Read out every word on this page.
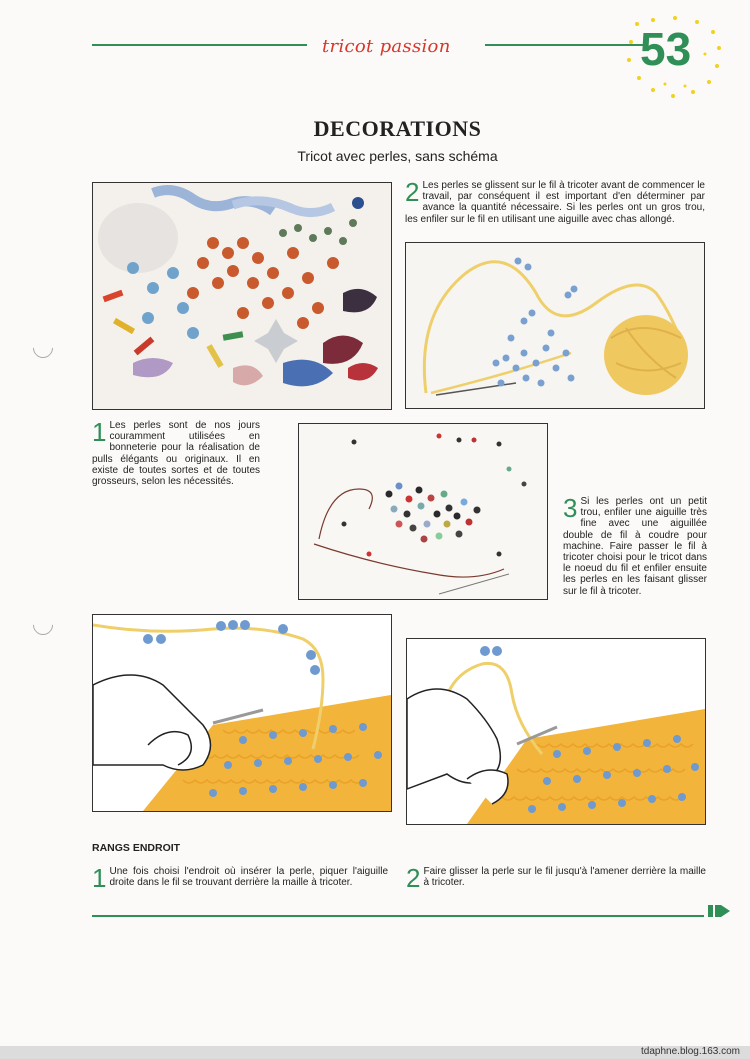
tricot passion	53
DECORATIONS
Tricot avec perles, sans schéma
2 Les perles se glissent sur le fil à tricoter avant de commencer le travail, par conséquent il est important d'en déterminer par avance la quantité nécessaire. Si les perles ont un gros trou, les enfiler sur le fil en utilisant une aiguille avec chas allongé.
1 Les perles sont de nos jours couramment utilisées en bonneterie pour la réalisation de pulls élégants ou originaux. Il en existe de toutes sortes et de toutes grosseurs, selon les nécessités.
3 Si les perles ont un petit trou, enfiler une aiguille très fine avec une aiguillée double de fil à coudre pour machine. Faire passer le fil à tricoter choisi pour le tricot dans le noeud du fil et enfiler ensuite les perles en les faisant glisser sur le fil à tricoter.
RANGS ENDROIT
1 Une fois choisi l'endroit où insérer la perle, piquer l'aiguille droite dans le fil se trouvant derrière la maille à tricoter.	2 Faire glisser la perle sur le fil jusqu'à l'amener derrière la maille à tricoter.
tdaphne.blog.163.com
